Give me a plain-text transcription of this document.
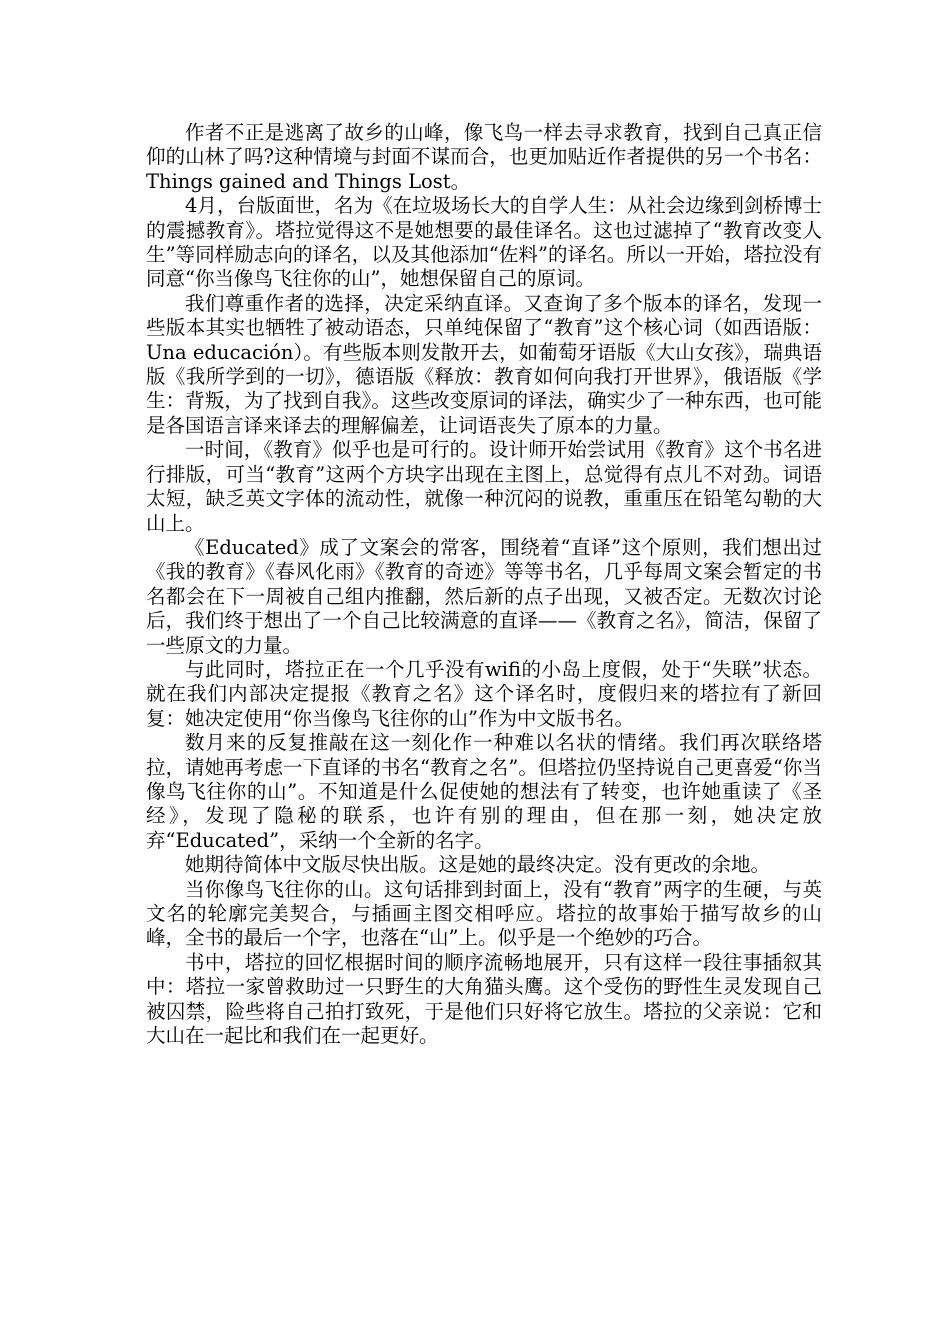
作者不正是逃离了故乡的山峰，像飞鸟一样去寻求教育，找到自己真正信仰的山林了吗?这种情境与封面不谋而合，也更加贴近作者提供的另一个书名：Things gained and Things Lost。

4月，台版面世，名为《在垃圾场长大的自学人生：从社会边缘到剑桥博士的震撼教育》。塔拉觉得这不是她想要的最佳译名。这也过滤掉了“教育改变人生”等同样励志向的译名，以及其他添加“佐料”的译名。所以一开始，塔拉没有同意“你当像鸟飞往你的山”，她想保留自己的原词。

我们尊重作者的选择，决定采纳直译。又查询了多个版本的译名，发现一些版本其实也牺牲了被动语态，只单纯保留了“教育”这个核心词（如西语版：Una educación）。有些版本则发散开去，如葡萄牙语版《大山女孩》，瑞典语版《我所学到的一切》，德语版《释放：教育如何向我打开世界》，俄语版《学生：背叛，为了找到自我》。这些改变原词的译法，确实少了一种东西，也可能是各国语言译来译去的理解偏差，让词语丧失了原本的力量。

一时间，《教育》似乎也是可行的。设计师开始尝试用《教育》这个书名进行排版，可当“教育”这两个方块字出现在主图上，总觉得有点儿不对劲。词语太短，缺乏英文字体的流动性，就像一种沉闷的说教，重重压在铅笔勾勒的大山上。

《Educated》成了文案会的常客，围绕着“直译”这个原则，我们想出过《我的教育》《春风化雨》《教育的奇迹》等等书名，几乎每周文案会暂定的书名都会在下一周被自己组内推翻，然后新的点子出现，又被否定。无数次讨论后，我们终于想出了一个自己比较满意的直译——《教育之名》，简洁，保留了一些原文的力量。

与此同时，塔拉正在一个几乎没有wifi的小岛上度假，处于“失联”状态。就在我们内部决定提报《教育之名》这个译名时，度假归来的塔拉有了新回复：她决定使用“你当像鸟飞往你的山”作为中文版书名。

数月来的反复推敲在这一刻化作一种难以名状的情绪。我们再次联络塔拉，请她再考虑一下直译的书名“教育之名”。但塔拉仍坚持说自己更喜爱“你当像鸟飞往你的山”。不知道是什么促使她的想法有了转变，也许她重读了《圣经》，发现了隐秘的联系，也许有别的理由，但在那一刻，她决定放弃“Educated”，采纳一个全新的名字。

她期待简体中文版尽快出版。这是她的最终决定。没有更改的余地。

当你像鸟飞往你的山。这句话排到封面上，没有“教育”两字的生硬，与英文名的轮廓完美契合，与插画主图交相呼应。塔拉的故事始于描写故乡的山峰，全书的最后一个字，也落在“山”上。似乎是一个绝妙的巧合。

书中，塔拉的回忆根据时间的顺序流畅地展开，只有这样一段往事插叙其中：塔拉一家曾救助过一只野生的大角猫头鹰。这个受伤的野性生灵发现自己被囚禁，险些将自己拍打致死，于是他们只好将它放生。塔拉的父亲说：它和大山在一起比和我们在一起更好。
